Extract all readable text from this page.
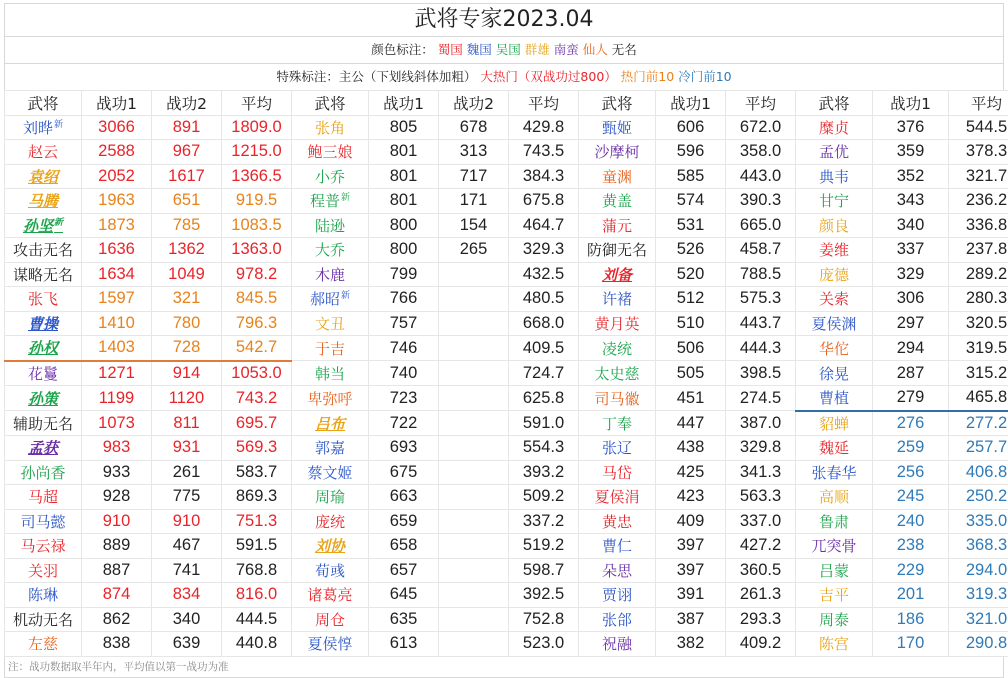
武将专家2023.04
颜色标注： 蜀国 魏国 吴国 群雄 南蛮 仙人 无名
特殊标注：主公（下划线斜体加粗） 大热门（双战功过800） 热门前10 冷门前10
武将	战功1	战功2	平均	武将	战功1	战功2	平均	武将	战功1	平均	武将	战功1	平均
刘晔$^新$	3066	891	1809.0	张角	805	678	429.8	甄姬	606	672.0	糜贞	376	544.5
赵云	2588	967	1215.0	鲍三娘	801	313	743.5	沙摩柯	596	358.0	孟优	359	378.3
袁绍	2052	1617	1366.5	小乔	801	717	384.3	童渊	585	443.0	典韦	352	321.7
马腾	1963	651	919.5	程普$^新$	801	171	675.8	黄盖	574	390.3	甘宁	343	236.2
孙坚$^新$	1873	785	1083.5	陆逊	800	154	464.7	蒲元	531	665.0	颜良	340	336.8
攻击无名	1636	1362	1363.0	大乔	800	265	329.3	防御无名	526	458.7	姜维	337	237.8
谋略无名	1634	1049	978.2	木鹿	799		432.5	刘备	520	788.5	庞德	329	289.2
张飞	1597	321	845.5	郝昭$^新$	766		480.5	许褚	512	575.3	关索	306	280.3
曹操	1410	780	796.3	文丑	757		668.0	黄月英	510	443.7	夏侯渊	297	320.5
孙权	1403	728	542.7	于吉	746		409.5	凌统	506	444.3	华佗	294	319.5
花鬘	1271	914	1053.0	韩当	740		724.7	太史慈	505	398.5	徐晃	287	315.2
孙策	1199	1120	743.2	卑弥呼	723		625.8	司马徽	451	274.5	曹植	279	465.8
辅助无名	1073	811	695.7	吕布	722		591.0	丁奉	447	387.0	貂蝉	276	277.2
孟获	983	931	569.3	郭嘉	693		554.3	张辽	438	329.8	魏延	259	257.7
孙尚香	933	261	583.7	蔡文姬	675		393.2	马岱	425	341.3	张春华	256	406.8
马超	928	775	869.3	周瑜	663		509.2	夏侯涓	423	563.3	高顺	245	250.2
司马懿	910	910	751.3	庞统	659		337.2	黄忠	409	337.0	鲁肃	240	335.0
马云禄	889	467	591.5	刘协	658		519.2	曹仁	397	427.2	兀突骨	238	368.3
关羽	887	741	768.8	荀彧	657		598.7	朵思	397	360.5	吕蒙	229	294.0
陈琳	874	834	816.0	诸葛亮	645		392.5	贾诩	391	261.3	吉平	201	319.3
机动无名	862	340	444.5	周仓	635		752.8	张郃	387	293.3	周泰	186	321.0
左慈	838	639	440.8	夏侯惇	613		523.0	祝融	382	409.2	陈宫	170	290.8
注：战功数据取半年内，平均值以第一战功为准
